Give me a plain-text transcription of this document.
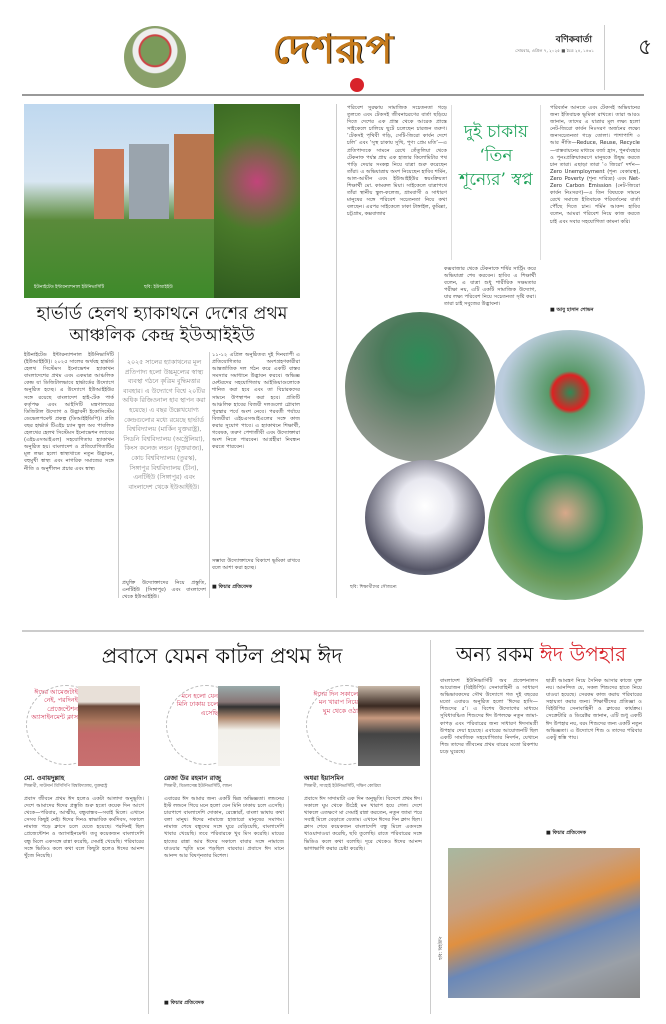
দেশরূপ	বণিকবার্তা
সোমবার, এপ্রিল ৭, ২০২৫ ■ চৈত্র ২৪, ১৪৩১ ৫
ইউনাইটেড ইন্টারন্যাশনাল ইউনিভার্সিটি	ছবি: ইউআইইউ
হার্ভার্ড হেলথ হ্যাকাথনে দেশের প্রথম আঞ্চলিক কেন্দ্র ইউআইইউ
ইউনাইটেড ইন্টারন্যাশনাল ইউনিভার্সিটি (ইউআইইউ)। ২০২৫ সালের অর্থবহ হার্ভার্ড হেলথ সিস্টেমস ইনোভেশন হ্যাকাথন বাংলাদেশের প্রথম এবং একমাত্র আঞ্চলিক কেন্দ্র যা ডিজিটালভাবে হার্ভার্ডের উদ্যোগে অনুষ্ঠিত হচ্ছে। এ উদ্যোগে ইউআইইউর সঙ্গে রয়েছে বাংলাদেশ হাই-টেক পার্ক কর্তৃপক্ষ এবং আইসিটি মন্ত্রণালয়ের ডিজিটাল উদ্যোগ ও উদ্ভাবনী ইকোসিস্টেম ডেভেলপমেন্ট প্রকল্প (ডিআইইডিপি)। প্রতি বছর হার্ভার্ড টিএইচ চ্যান স্কুল অব পাবলিক হেলথের হেলথ সিস্টেমস ইনোভেশন ল্যাবের (এইচএসআইএল) সহযোগিতায় হ্যাকাথন অনুষ্ঠিত হয়। বাংলাদেশ ও প্রতিযোগিতাটির মূল লক্ষ্য হলো স্বাস্থ্যখাতে নতুন উদ্ভাবন, বহুমুখী স্বাস্থ্য এবং নাগরিক সমাজের সঙ্গে নীতি ও অনুশীলন প্রচার এবং স্বাস্থ্য
২০২৫ সালের হ্যাকাথনের মূল প্রতিপাদ্য হলো উচ্চমূল্যের স্বাস্থ্য ব্যবস্থা গঠনে কৃত্রিম বুদ্ধিমত্তার ব্যবহার। এ উদ্যোগে বিশ্বে ২০টির অধিক রিজিওনাল হাব স্থাপন করা হয়েছে। এ বছর উল্লেখযোগ্য কেন্দ্রগুলোর মধ্যে রয়েছে হার্ভার্ড বিশ্ববিদ্যালয় (মার্কিন যুক্তরাষ্ট্র), সিডনি বিশ্ববিদ্যালয় (অস্ট্রেলিয়া), কিংস কলেজ লন্ডন (যুক্তরাজ্য), কোচ বিশ্ববিদ্যালয় (তুরস্ক), সিঙ্গাপুর বিশ্ববিদ্যালয় (চীন), এনটিইউ (সিঙ্গাপুর) এবং বাংলাদেশ থেকে ইউআইইউ।
প্রযুক্তি উদ্যোক্তাদের নিয়ে প্রস্তুতি, এনটিইউ (সিঙ্গাপুর) এবং বাংলাদেশ থেকে ইউআইইউ।
১১-১২ এপ্রিল অনুষ্ঠিতব্য দুই দিনব্যাপী এ প্রতিযোগিতার অংশগ্রহণকারীরা আন্তর্জাতিক দল গঠন করে একটি বাস্তব সমস্যার সমাধানে উদ্ভাবন করবে। অভিজ্ঞ মেন্টরদের সহযোগিতায় আইডিয়াগুলোকে শানিত করা হবে এবং তা বিচারকদের সামনে উপস্থাপন করা হবে। প্রতিটি আঞ্চলিক হাবের বিজয়ী দলগুলো গ্লোবাল পুরস্কার পর্বে অংশ নেবে। পরবর্তী পর্যায়ে বিজয়ীরা এইচএসআইএলের সঙ্গে কাজ করার সুযোগ পাবে। এ হ্যাকাথনে শিক্ষার্থী, গবেষক, তরুণ পেশাজীবী এবং উদ্যোক্তারা অংশ নিতে পারবেন। আগ্রহীরা নিবন্ধন করতে পারবেন।
সম্ভাব্য উদ্যোক্তাদের বিকাশে ভূমিকা রাখবে বলে আশা করা হচ্ছে।
■ ফিচার প্রতিবেদক
পরিবেশ সুরক্ষায় সামাজিক সচেতনতা গড়ে তুলতে এবং টেকসই জীবনাচরণের বার্তা ছড়িয়ে দিতে দেশের এক প্রান্ত থেকে আরেক প্রান্তে সাইকেলে চালিয়ে ছুটে চলেছেন চারজন তরুণ। ‘টেকসই পৃথিবী গড়ি, সেটি-জিরো কার্বন দেশে চলি’ এবং ‘সুস্থ চাকায় সুখি, পুণ্য প্রেম মতি’—এ প্রতিপাদ্যকে সামনে রেখে তেঁতুলিয়া থেকে টেকনাফ পর্যন্ত প্রায় এক হাজার কিলোমিটার পথ পাড়ি দেয়ার সংকল্প নিয়ে যাত্রা শুরু করেছেন তাঁরা। এ অভিযাত্রায় অংশ নিয়েছেন হাবিব শর্মিন, আল-আমীন এবং ইউআইইউর স্বয়ংক্রিয়তা শিক্ষার্থী মো. কামরুল মিয়া। সাইকেলে যাত্রাপথে তাঁরা স্থানীয় স্কুল-কলেজ, গ্রামবাসী ও সাধারণ মানুষের সঙ্গে পরিবেশ সচেতনতা নিয়ে কথা বলছেন। এরপর সাইকেলে ঢাকা টাঙ্গাইল, কুমিল্লা, চট্টগ্রাম, কক্সবাজার
দুই চাকায় ‘তিন শূন্যের’ স্বপ্ন
কক্সবাজার থেকে টেকনাফে শর্ষির সার্ট্রিং করে অভিযাত্রা শেষ করবেন। হাবিব এ শিক্ষার্থী বলেন, এ যাত্রা শুধু শারীরিক সক্ষমতার পরীক্ষা নয়, এটি একটি সামাজিক উদ্যোগ, যার লক্ষ্য পরিবেশ নিয়ে সচেতনতা সৃষ্টি করা। তারা চাই সবুজের উদ্ভাবনা।
পরিবর্তন আনতে এবং টেকসই অভিযানের জন্য ইতিবাচক ভূমিকা রাখতে। তারা আরও জানান, তাদের এ যাত্রার মূল লক্ষ্য হলো নেট-জিরো কার্বন নিঃসরণ অর্জনের লক্ষ্যে জনসচেতনতা গড়ে তোলা। পাশাপাশি ৩ আর নীতি—Reduce, Reuse, Recycle—বাস্তবায়নের মাধ্যমে বর্জ্য হ্রাস, পুনর্ব্যবহার ও পুনঃপ্রক্রিয়াকরণে মানুষকে উদ্বুদ্ধ করতে চান তারা। এছাড়া তারা ‘৩ জিরো’ দর্শন—Zero Unemployment (শূন্য বেকারত্ব), Zero Poverty (শূন্য দারিদ্র্য) এবং Net-Zero Carbon Emission (নেট-জিরো কার্বন নিঃসরণ)—এ তিন বিষয়কে সামনে রেখে সমাজে ইতিবাচক পরিবর্তনের বার্তা পৌঁছে দিতে চান। শর্মিন আকন্দ হাবিব বলেন, আমরা পরিবেশ নিয়ে কাজ করতে চাই এবং সবার সহযোগিতা কামনা করি।
■ আবু হাসান শোভন
ছবি: শিক্ষার্থীদের সৌজন্যে
প্রবাসে যেমন কাটল প্রথম ঈদ
ঈদের আমেজটাই নেই, পরদিনই প্রেজেন্টেশন অ্যাসাইনমেন্ট ক্লাস
মো. ওবায়দুল্লাহ
শিক্ষার্থী, সাউদার্ন মিসিসিপি বিশ্ববিদ্যালয়, যুক্তরাষ্ট্র
প্রবাস জীবনে প্রথম ঈদ হলেও একটা আলাদা অনুভূতি। দেশে আমাদের ঈদের প্রস্তুতি শুরু হতো কয়েক দিন আগে থেকে—পরিবার, আত্মীয়, বন্ধুবান্ধব—সবাই মিলে। এখানে সেসব কিছুই নেই। ঈদের দিনও স্বাভাবিক কর্মদিবস, সকালে নামাজ পড়ে ক্লাসে চলে যেতে হয়েছে। পরদিনই ছিল প্রেজেন্টেশন ও অ্যাসাইনমেন্ট। তবু কয়েকজন বাংলাদেশি বন্ধু মিলে একসঙ্গে রান্না করেছি, সেমাই খেয়েছি। পরিবারের সঙ্গে ভিডিও কলে কথা বলে কিছুটা হলেও ঈদের আনন্দ খুঁজে নিয়েছি।
মনে হলো যেন মিনি ঢাকায় চলে এসেছি
রেজা উর রহমান রাজু
শিক্ষার্থী, মিডলসেক্স ইউনিভার্সিটি, লন্ডন
এবারের ঈদ আমার জন্য একটি ভিন্ন অভিজ্ঞতা। লন্ডনের ইস্ট লন্ডনে গিয়ে মনে হলো যেন মিনি ঢাকায় চলে এসেছি। চারপাশে বাংলাদেশি দোকান, রেস্তোরাঁ, বাংলা ভাষায় কথা বলা মানুষ। ঈদের নামাজে হাজারো মানুষের সমাগম। নামাজ শেষে বন্ধুদের সঙ্গে ঘুরে বেড়িয়েছি, বাংলাদেশি খাবার খেয়েছি। তবে পরিবারকে খুব মিস করেছি। মায়ের হাতের রান্না আর ঈদের সকালে বাবার সঙ্গে নামাজে যাওয়ার স্মৃতি মনে পড়ছিল বারবার। প্রবাসে ঈদ মানে আনন্দ আর বিষণ্নতার মিশেল।
■ ফিচার প্রতিবেদক
ঈদের দিন সকালে মন খারাপ নিয়ে ঘুম থেকে ওঠা
অধরা ইয়াসমিন
শিক্ষার্থী, সাংহাই ইউনিভার্সিটি, দক্ষিণ কোরিয়া
প্রবাসে ঈদ সাদামাটা এক দিন অনুভূতি। বিদেশে প্রথম ঈদ। সকালে ঘুম থেকে উঠেই মন খারাপ হয়ে গেল। দেশে থাকলে এতক্ষণে মা সেমাই রান্না করতেন, নতুন জামা পরে সবাই মিলে বেড়াতে যেতাম। এখানে ঈদের দিন ক্লাস ছিল। ক্লাস শেষে কয়েকজন বাংলাদেশি বন্ধু মিলে একসঙ্গে খাওয়াদাওয়া করেছি, ছবি তুলেছি। রাতে পরিবারের সঙ্গে ভিডিও কলে কথা বলেছি। দূরে থেকেও ঈদের আনন্দ ভাগাভাগি করার চেষ্টা করেছি।
অন্য রকম ঈদ উপহার
বাংলাদেশ ইউনিভার্সিটি অব প্রফেশনালস আয়োজন (বিইউপি)। সেনাবাহিনী ও সাধারণ অভিভাবকদের সৌথ উদ্যোগে গত দুই বছরের মতো এবারও অনুষ্ঠিত হলো ‘ঈদের হাসি—শিশুদের ৫’। এ বিশেষ উদ্যোগের মাধ্যমে সুবিধাবঞ্চিত শিশুদের ঈদ উপলক্ষে নতুন জামা-কাপড় এবং পরিবারের জন্য সাধারণ ঈদসামগ্রী উপহার দেয়া হয়েছে। এবারের আয়োজনটি ছিল একটি সামাজিক সহযোগিতার নিদর্শন, যেখানে শিশু তাদের জীবনের প্রথম বারের মতো রিকশায় চড়ে ঘুরেছে।
ছাত্রী আমন্ত্রণ নিয়ে সৈনিক আসার কাজে যুক্ত নয়। আনন্দিত যে, সকল শিশুদের হাতে নিয়ে যাওয়া হয়েছে। সেরকম কাজ করায় পরিবারের সহায়তা করার জন্য। শিক্ষার্থীদের প্রতিজ্ঞা ও বিইউপির সেনাবাহিনী ও ক্লাবের কার্যক্রম। সেক্রেটারি ও ডিরেক্টর জানান, এটি শুধু একটি ঈদ উপহার নয়, বরং শিশুদের জন্য একটি নতুন অভিজ্ঞতা। এ উদ্যোগে শিশু ও তাদের পরিবার একটু স্বস্তি পায়।
■ ফিচার প্রতিবেদক
ছবি: বিইউপি
